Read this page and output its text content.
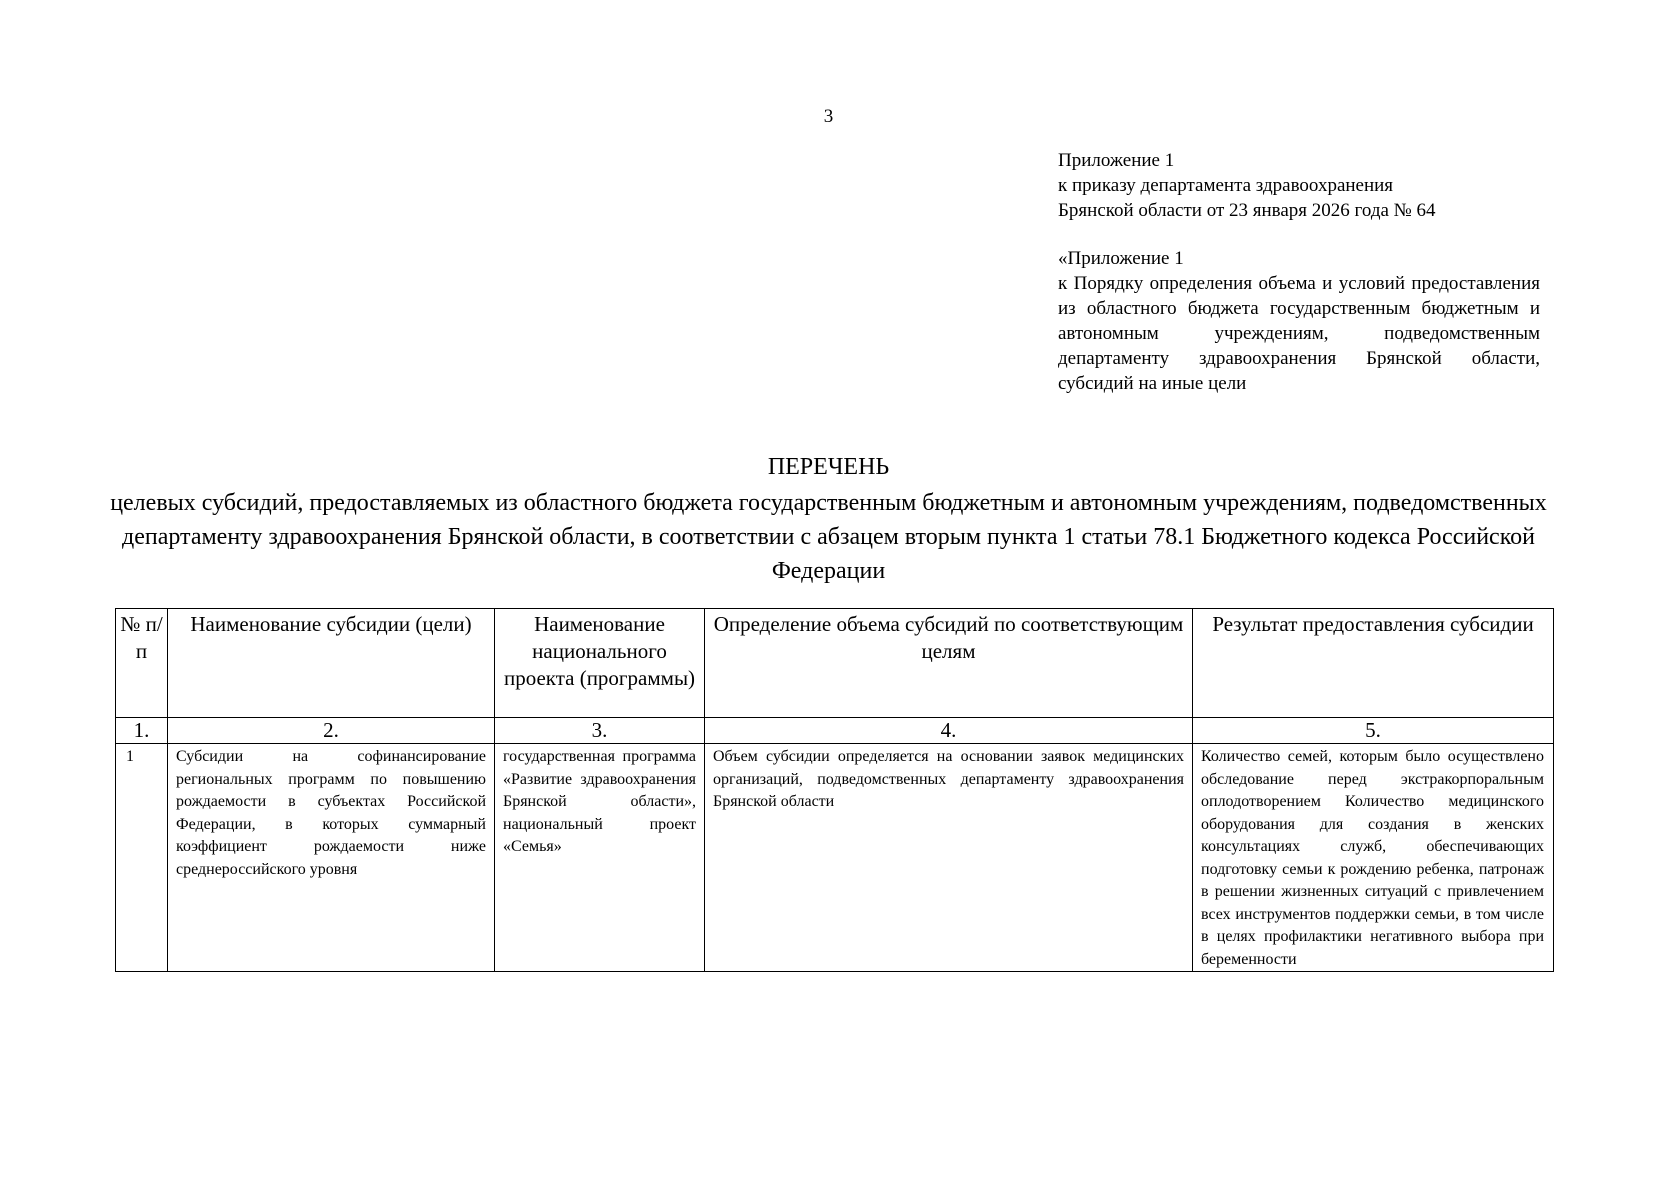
3
Приложение 1
к приказу департамента здравоохранения
Брянской области от 23 января 2026 года № 64
«Приложение 1
к Порядку определения объема и условий предоставления из областного бюджета государственным бюджетным и автономным учреждениям, подведомственным департаменту здравоохранения Брянской области, субсидий на иные цели
ПЕРЕЧЕНЬ
целевых субсидий, предоставляемых из областного бюджета государственным бюджетным и автономным учреждениям, подведомственных департаменту здравоохранения Брянской области, в соответствии с абзацем вторым пункта 1 статьи 78.1 Бюджетного кодекса Российской Федерации
№ п/п	Наименование субсидии (цели)	Наименование национального проекта (программы)	Определение объема субсидий по соответствующим целям	Результат предоставления субсидии
1.	2.	3.	4.	5.
1	Субсидии на софинансирование региональных программ по повышению рождаемости в субъектах Российской Федерации, в которых суммарный коэффициент рождаемости ниже среднероссийского уровня	государственная программа «Развитие здравоохранения Брянской области», национальный проект «Семья»	Объем субсидии определяется на основании заявок медицинских организаций, подведомственных департаменту здравоохранения Брянской области	Количество семей, которым было осуществлено обследование перед экстракорпоральным оплодотворением Количество медицинского оборудования для создания в женских консультациях служб, обеспечивающих подготовку семьи к рождению ребенка, патронаж в решении жизненных ситуаций с привлечением всех инструментов поддержки семьи, в том числе в целях профилактики негативного выбора при беременности
